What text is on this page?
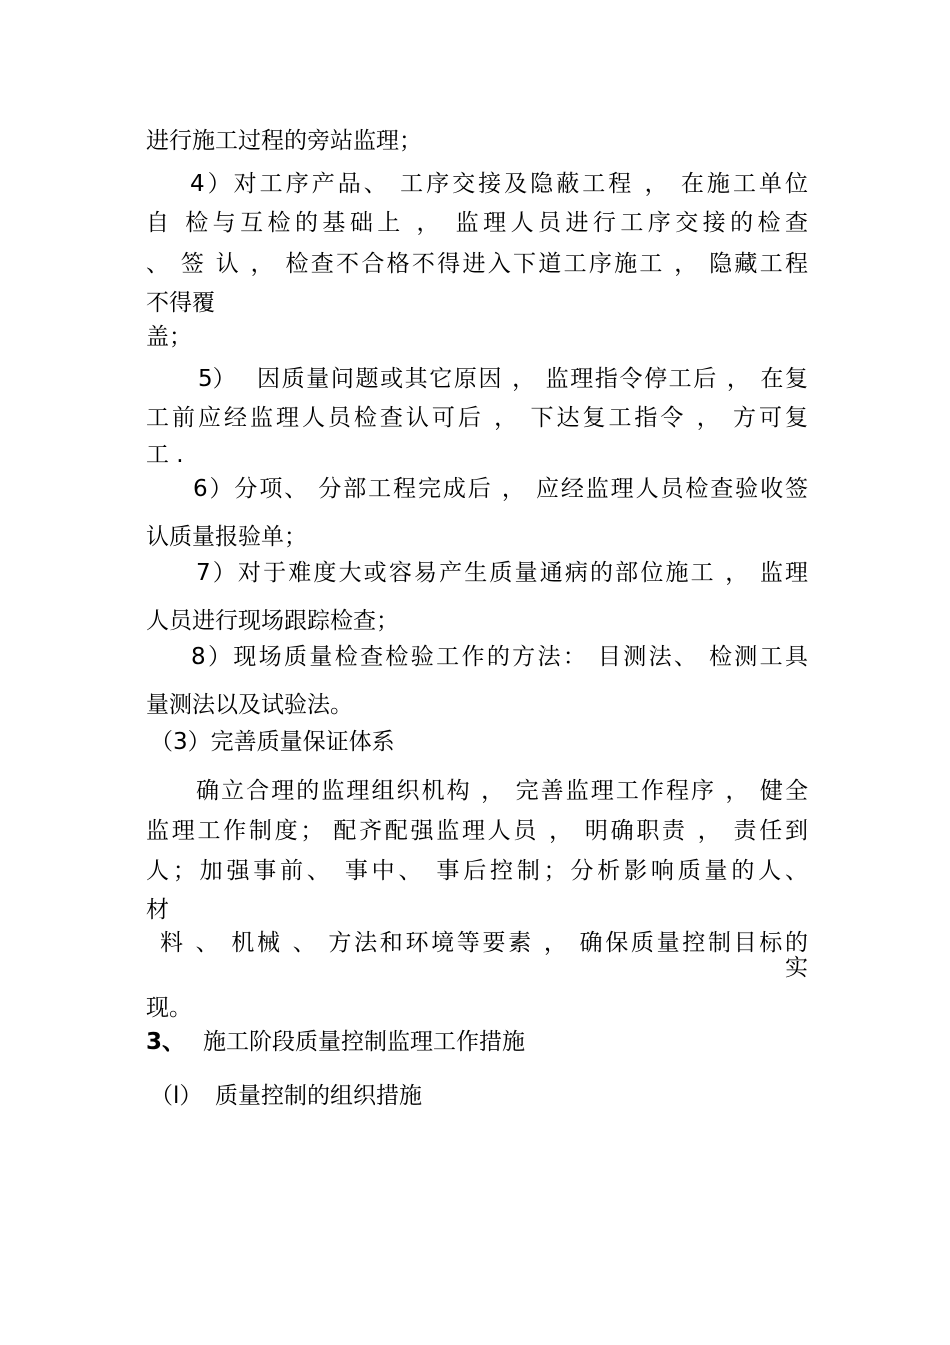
进行施工过程的旁站监理；
4）对工序产品、 工序交接及隐蔽工程 ， 在施工单位
自 检与互检的基础上 ， 监理人员进行工序交接的检查
、 签 认 ， 检查不合格不得进入下道工序施工 ， 隐藏工程
不得覆
盖；
5） 因质量问题或其它原因 ， 监理指令停工后 ， 在复
工前应经监理人员检查认可后 ， 下达复工指令 ， 方可复
工 .
6）分项、 分部工程完成后 ， 应经监理人员检查验收签
认质量报验单；
7）对于难度大或容易产生质量通病的部位施工 ， 监理
人员进行现场跟踪检查；
8）现场质量检查检验工作的方法： 目测法、 检测工具
量测法以及试验法。
（3）完善质量保证体系
确立合理的监理组织机构 ， 完善监理工作程序 ， 健全
监理工作制度； 配齐配强监理人员 ， 明确职责 ， 责任到
人；加强事前、 事中、 事后控制；分析影响质量的人、
材
料 、 机械 、 方法和环境等要素 ， 确保质量控制目标的
实
现。
3、 施工阶段质量控制监理工作措施
（l） 质量控制的组织措施
